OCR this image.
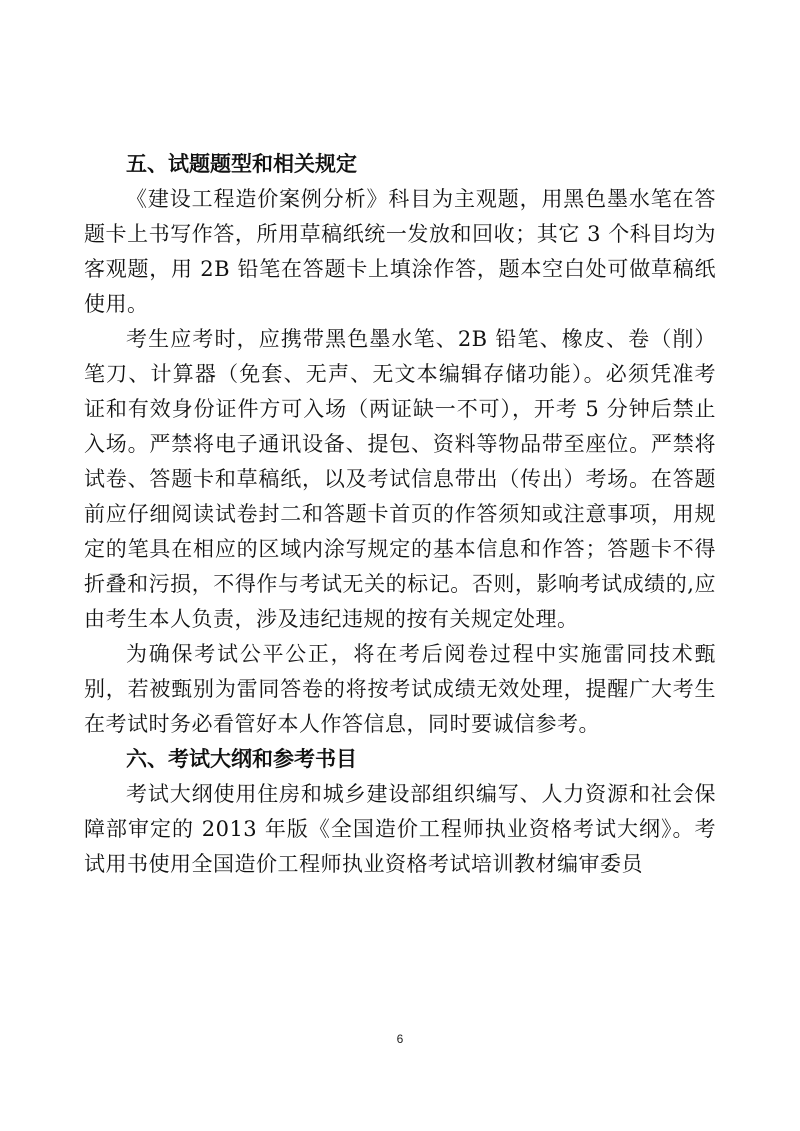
五、试题题型和相关规定

《建设工程造价案例分析》科目为主观题，用黑色墨水笔在答题卡上书写作答，所用草稿纸统一发放和回收；其它 3 个科目均为客观题，用 2B 铅笔在答题卡上填涂作答，题本空白处可做草稿纸使用。

考生应考时，应携带黑色墨水笔、2B 铅笔、橡皮、卷（削）笔刀、计算器（免套、无声、无文本编辑存储功能）。必须凭准考证和有效身份证件方可入场（两证缺一不可），开考 5 分钟后禁止入场。严禁将电子通讯设备、提包、资料等物品带至座位。严禁将试卷、答题卡和草稿纸，以及考试信息带出（传出）考场。在答题前应仔细阅读试卷封二和答题卡首页的作答须知或注意事项，用规定的笔具在相应的区域内涂写规定的基本信息和作答；答题卡不得折叠和污损，不得作与考试无关的标记。否则，影响考试成绩的,应由考生本人负责，涉及违纪违规的按有关规定处理。

为确保考试公平公正，将在考后阅卷过程中实施雷同技术甄别，若被甄别为雷同答卷的将按考试成绩无效处理，提醒广大考生在考试时务必看管好本人作答信息，同时要诚信参考。

六、考试大纲和参考书目

考试大纲使用住房和城乡建设部组织编写、人力资源和社会保障部审定的 2013 年版《全国造价工程师执业资格考试大纲》。考试用书使用全国造价工程师执业资格考试培训教材编审委员

6
